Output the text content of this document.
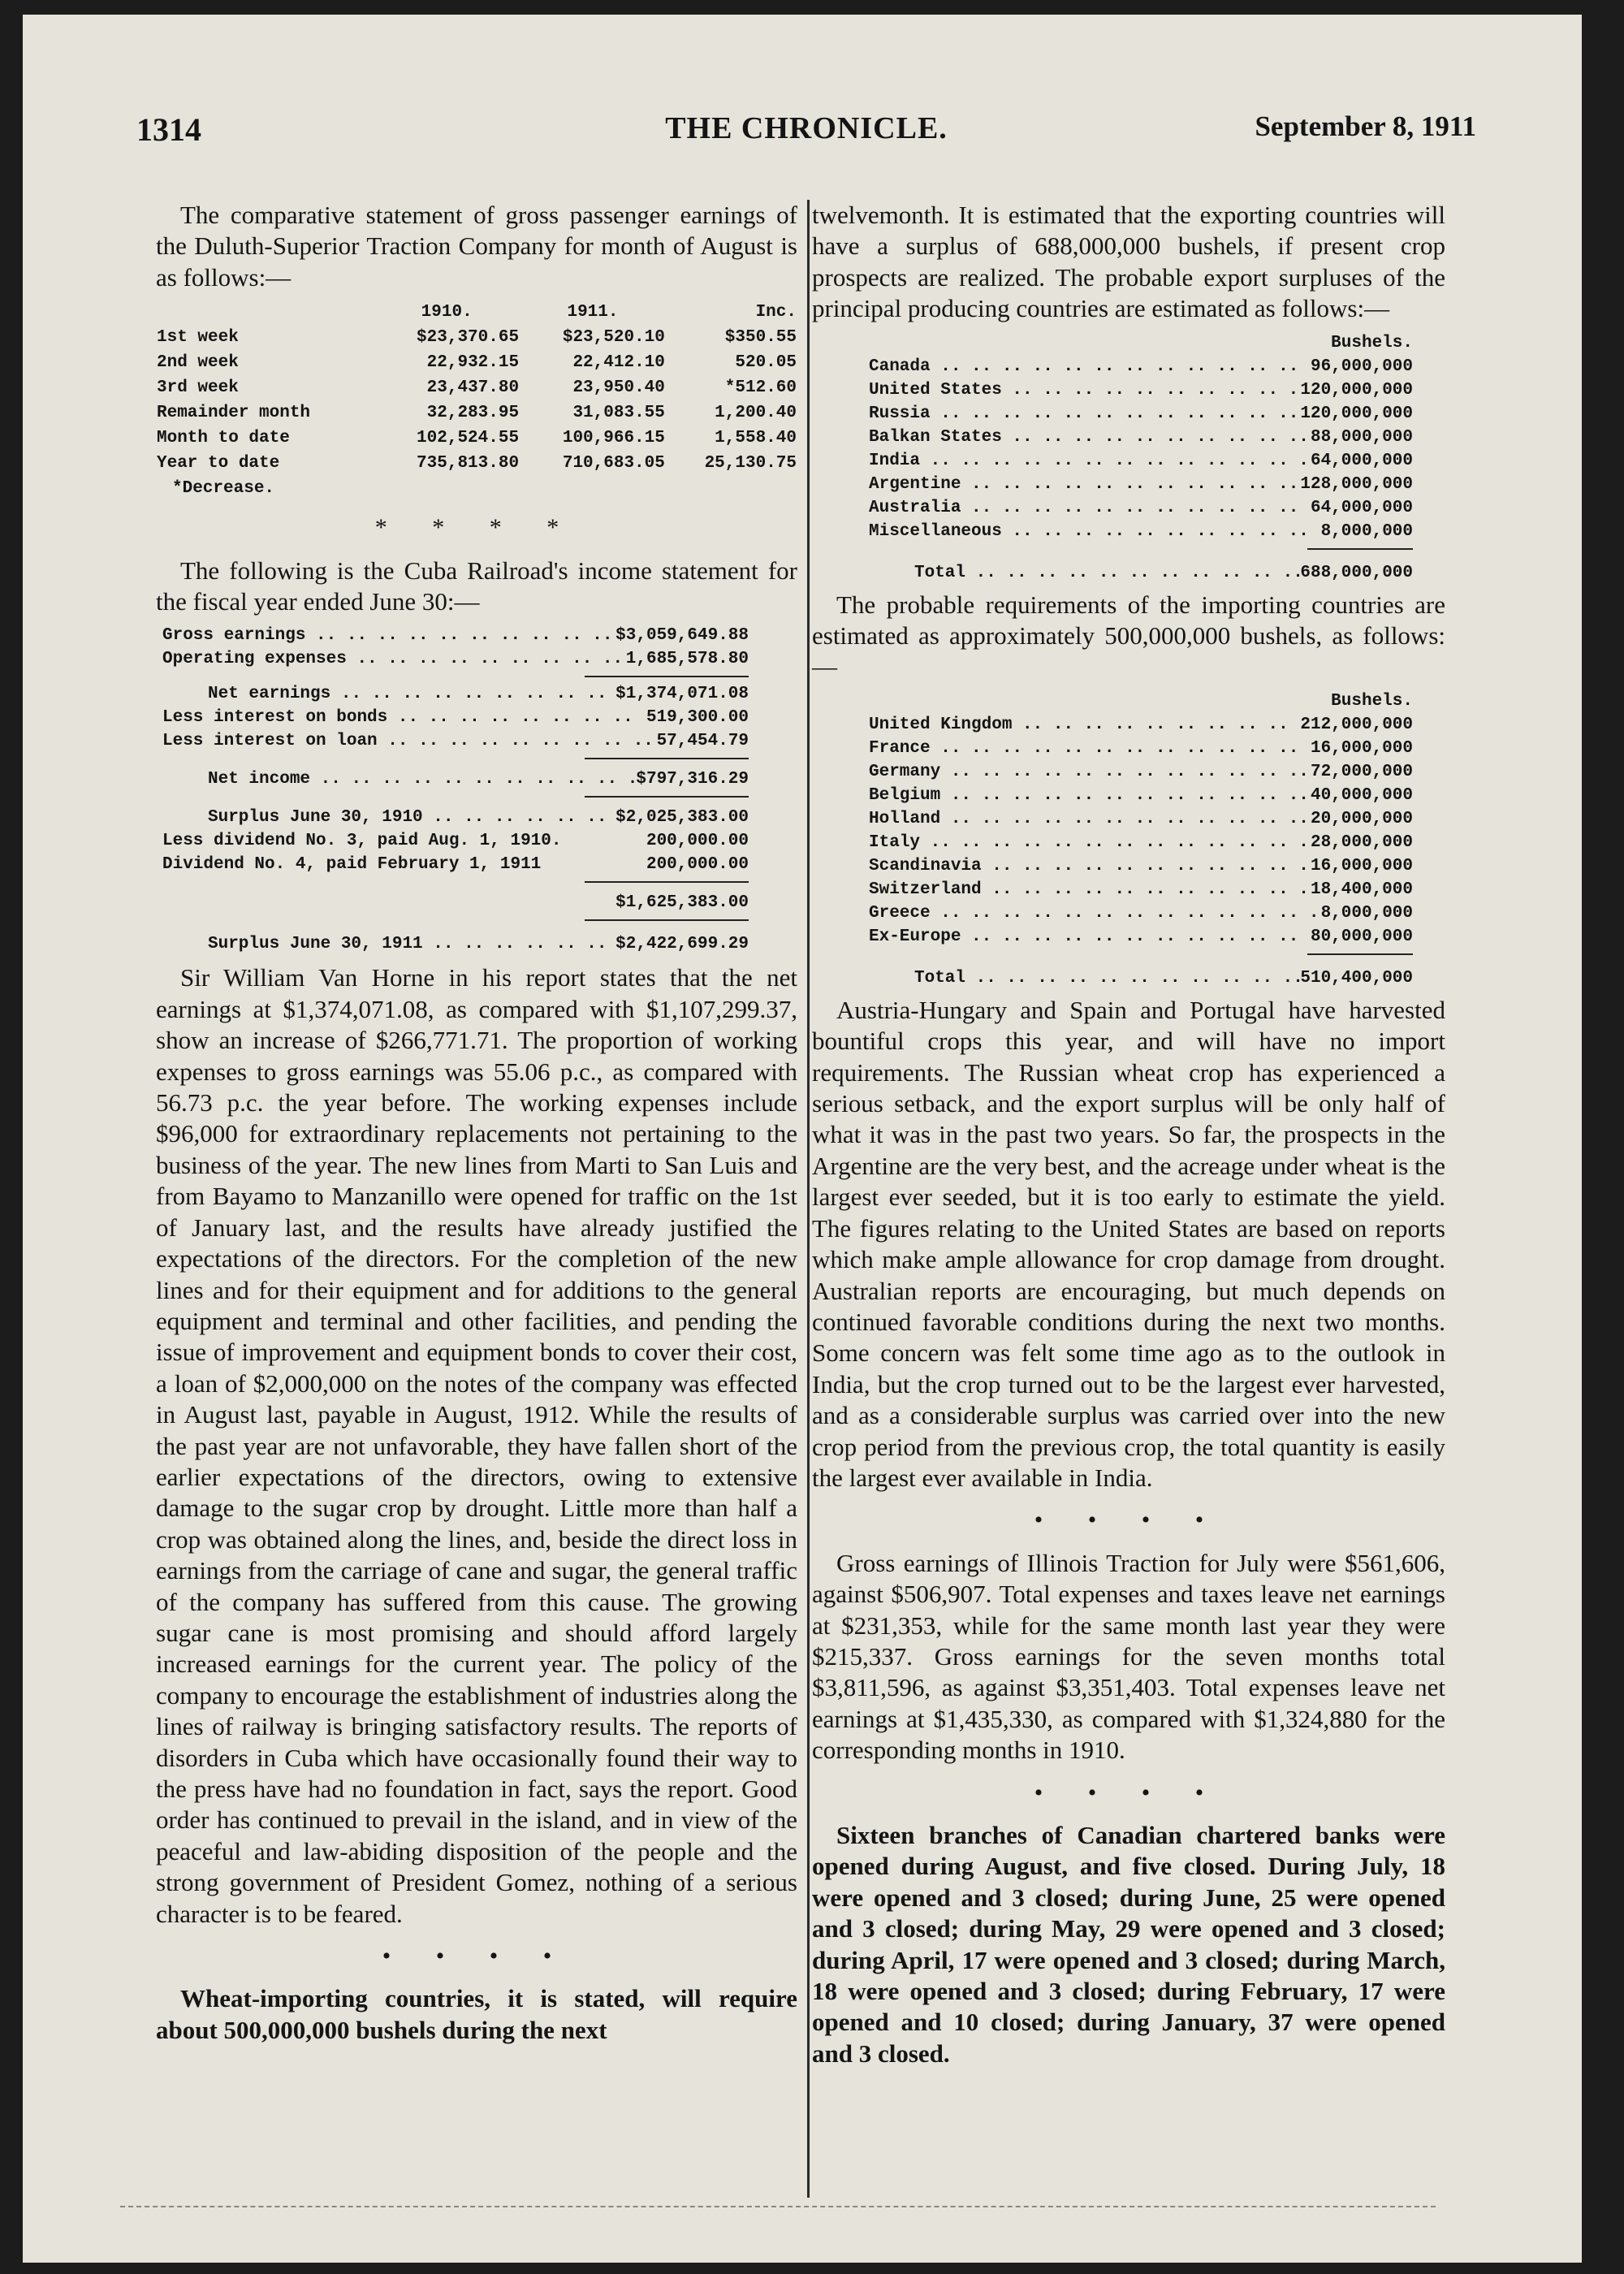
1314	THE CHRONICLE.	September 8, 1911

The comparative statement of gross passenger earnings of the Duluth-Superior Traction Company for month of August is as follows:—

	1910.	1911.	Inc.
1st week	$23,370.65	$23,520.10	$350.55
2nd week	22,932.15	22,412.10	520.05
3rd week	23,437.80	23,950.40	*512.60
Remainder month	32,283.95	31,083.55	1,200.40
Month to date	102,524.55	100,966.15	1,558.40
Year to date	735,813.80	710,683.05	25,130.75
*Decrease.			
* * * *

The following is the Cuba Railroad's income statement for the fiscal year ended June 30:—

Gross earnings .. ..	$3,059,649.88
Operating expenses .. ..	1,685,578.80
Net earnings .. ..	$1,374,071.08
Less interest on bonds .. ..	519,300.00
Less interest on loan .. ..	57,454.79
Net income .. ..	$797,316.29
Surplus June 30, 1910 .. ..	$2,025,383.00
Less dividend No. 3, paid Aug. 1, 1910.	200,000.00
Dividend No. 4, paid February 1, 1911	200,000.00
$1,625,383.00
Surplus June 30, 1911 .. ..	$2,422,699.29

Sir William Van Horne in his report states that the net earnings at $1,374,071.08, as compared with $1,107,299.37, show an increase of $266,771.71. The proportion of working expenses to gross earnings was 55.06 p.c., as compared with 56.73 p.c. the year before. The working expenses include $96,000 for extraordinary replacements not pertaining to the business of the year. The new lines from Marti to San Luis and from Bayamo to Manzanillo were opened for traffic on the 1st of January last, and the results have already justified the expectations of the directors. For the completion of the new lines and for their equipment and for additions to the general equipment and terminal and other facilities, and pending the issue of improvement and equipment bonds to cover their cost, a loan of $2,000,000 on the notes of the company was effected in August last, payable in August, 1912. While the results of the past year are not unfavorable, they have fallen short of the earlier expectations of the directors, owing to extensive damage to the sugar crop by drought. Little more than half a crop was obtained along the lines, and, beside the direct loss in earnings from the carriage of cane and sugar, the general traffic of the company has suffered from this cause. The growing sugar cane is most promising and should afford largely increased earnings for the current year. The policy of the company to encourage the establishment of industries along the lines of railway is bringing satisfactory results. The reports of disorders in Cuba which have occasionally found their way to the press have had no foundation in fact, says the report. Good order has continued to prevail in the island, and in view of the peaceful and law-abiding disposition of the people and the strong government of President Gomez, nothing of a serious character is to be feared.

• • • •

Wheat-importing countries, it is stated, will require about 500,000,000 bushels during the next

twelvemonth. It is estimated that the exporting countries will have a surplus of 688,000,000 bushels, if present crop prospects are realized. The probable export surpluses of the principal producing countries are estimated as follows:—

Bushels.
Canada .. ..	96,000,000
United States .. ..	120,000,000
Russia .. ..	120,000,000
Balkan States .. ..	88,000,000
India .. ..	64,000,000
Argentine .. ..	128,000,000
Australia .. ..	64,000,000
Miscellaneous .. ..	8,000,000
Total .. ..	688,000,000

The probable requirements of the importing countries are estimated as approximately 500,000,000 bushels, as follows:—

Bushels.
United Kingdom .. ..	212,000,000
France .. ..	16,000,000
Germany .. ..	72,000,000
Belgium .. ..	40,000,000
Holland .. ..	20,000,000
Italy .. ..	28,000,000
Scandinavia .. ..	16,000,000
Switzerland .. ..	18,400,000
Greece .. ..	8,000,000
Ex-Europe .. ..	80,000,000
Total .. ..	510,400,000

Austria-Hungary and Spain and Portugal have harvested bountiful crops this year, and will have no import requirements. The Russian wheat crop has experienced a serious setback, and the export surplus will be only half of what it was in the past two years. So far, the prospects in the Argentine are the very best, and the acreage under wheat is the largest ever seeded, but it is too early to estimate the yield. The figures relating to the United States are based on reports which make ample allowance for crop damage from drought. Australian reports are encouraging, but much depends on continued favorable conditions during the next two months. Some concern was felt some time ago as to the outlook in India, but the crop turned out to be the largest ever harvested, and as a considerable surplus was carried over into the new crop period from the previous crop, the total quantity is easily the largest ever available in India.

• • • •

Gross earnings of Illinois Traction for July were $561,606, against $506,907. Total expenses and taxes leave net earnings at $231,353, while for the same month last year they were $215,337. Gross earnings for the seven months total $3,811,596, as against $3,351,403. Total expenses leave net earnings at $1,435,330, as compared with $1,324,880 for the corresponding months in 1910.

• • • •

Sixteen branches of Canadian chartered banks were opened during August, and five closed. During July, 18 were opened and 3 closed; during June, 25 were opened and 3 closed; during May, 29 were opened and 3 closed; during April, 17 were opened and 3 closed; during March, 18 were opened and 3 closed; during February, 17 were opened and 10 closed; during January, 37 were opened and 3 closed.
